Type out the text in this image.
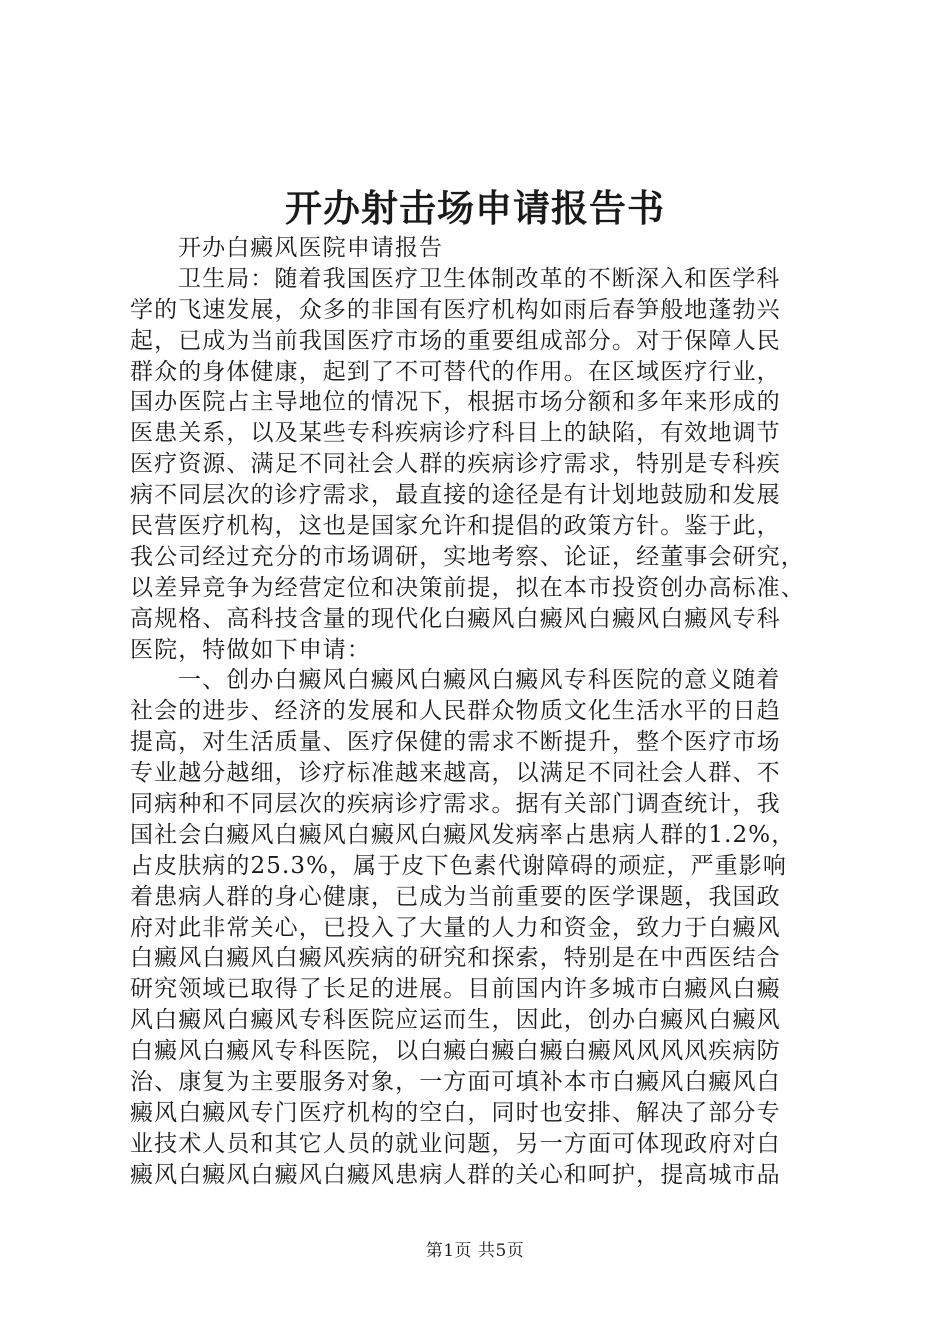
开办射击场申请报告书
开办白癜风医院申请报告
卫生局：随着我国医疗卫生体制改革的不断深入和医学科
学的飞速发展，众多的非国有医疗机构如雨后春笋般地蓬勃兴
起，已成为当前我国医疗市场的重要组成部分。对于保障人民
群众的身体健康，起到了不可替代的作用。在区域医疗行业，
国办医院占主导地位的情况下，根据市场分额和多年来形成的
医患关系，以及某些专科疾病诊疗科目上的缺陷，有效地调节
医疗资源、满足不同社会人群的疾病诊疗需求，特别是专科疾
病不同层次的诊疗需求，最直接的途径是有计划地鼓励和发展
民营医疗机构，这也是国家允许和提倡的政策方针。鉴于此，
我公司经过充分的市场调研，实地考察、论证，经董事会研究，
以差异竞争为经营定位和决策前提，拟在本市投资创办高标准、
高规格、高科技含量的现代化白癜风白癜风白癜风白癜风专科
医院，特做如下申请：
一、创办白癜风白癜风白癜风白癜风专科医院的意义随着
社会的进步、经济的发展和人民群众物质文化生活水平的日趋
提高，对生活质量、医疗保健的需求不断提升，整个医疗市场
专业越分越细，诊疗标准越来越高，以满足不同社会人群、不
同病种和不同层次的疾病诊疗需求。据有关部门调查统计，我
国社会白癜风白癜风白癜风白癜风发病率占患病人群的1.2%，
占皮肤病的25.3%，属于皮下色素代谢障碍的顽症，严重影响
着患病人群的身心健康，已成为当前重要的医学课题，我国政
府对此非常关心，已投入了大量的人力和资金，致力于白癜风
白癜风白癜风白癜风疾病的研究和探索，特别是在中西医结合
研究领域已取得了长足的进展。目前国内许多城市白癜风白癜
风白癜风白癜风专科医院应运而生，因此，创办白癜风白癜风
白癜风白癜风专科医院，以白癜白癜白癜白癜风风风风疾病防
治、康复为主要服务对象，一方面可填补本市白癜风白癜风白
癜风白癜风专门医疗机构的空白，同时也安排、解决了部分专
业技术人员和其它人员的就业问题，另一方面可体现政府对白
癜风白癜风白癜风白癜风患病人群的关心和呵护，提高城市品
第1页 共5页
